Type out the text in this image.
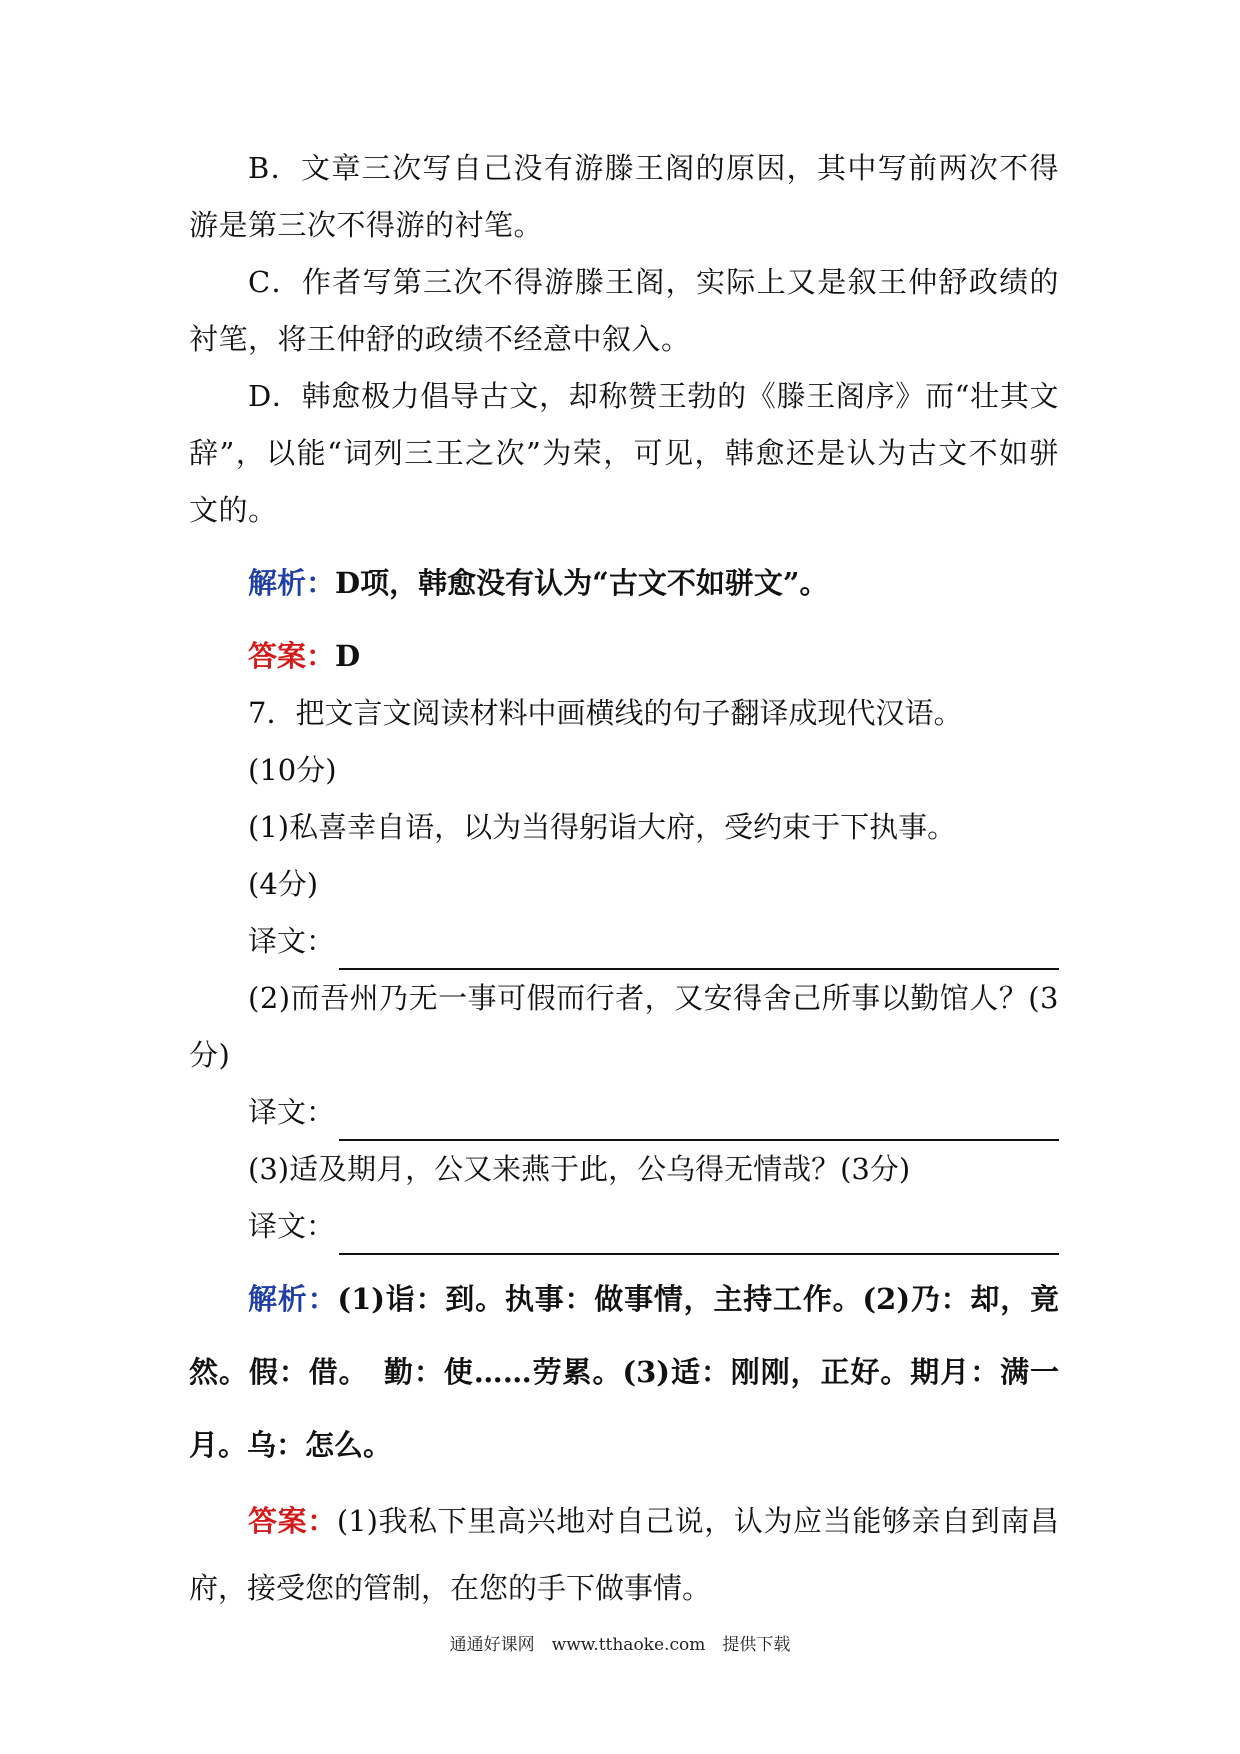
B．文章三次写自己没有游滕王阁的原因，其中写前两次不得游是第三次不得游的衬笔。

C．作者写第三次不得游滕王阁，实际上又是叙王仲舒政绩的衬笔，将王仲舒的政绩不经意中叙入。

D．韩愈极力倡导古文，却称赞王勃的《滕王阁序》而“壮其文辞”，以能“词列三王之次”为荣，可见，韩愈还是认为古文不如骈文的。

解析：D项，韩愈没有认为“古文不如骈文”。

答案：D

7．把文言文阅读材料中画横线的句子翻译成现代汉语。

(10分)

(1)私喜幸自语，以为当得躬诣大府，受约束于下执事。

(4分)

译文：

(2)而吾州乃无一事可假而行者，又安得舍己所事以勤馆人？(3分)

译文：

(3)适及期月，公又来燕于此，公乌得无情哉？(3分)

译文：

解析：(1)诣：到。执事：做事情，主持工作。(2)乃：却，竟然。假：借。　勤：使……劳累。(3)适：刚刚，正好。期月：满一月。乌：怎么。

答案：(1)我私下里高兴地对自己说，认为应当能够亲自到南昌府，接受您的管制，在您的手下做事情。

通通好课网　www.tthaoke.com　提供下载
